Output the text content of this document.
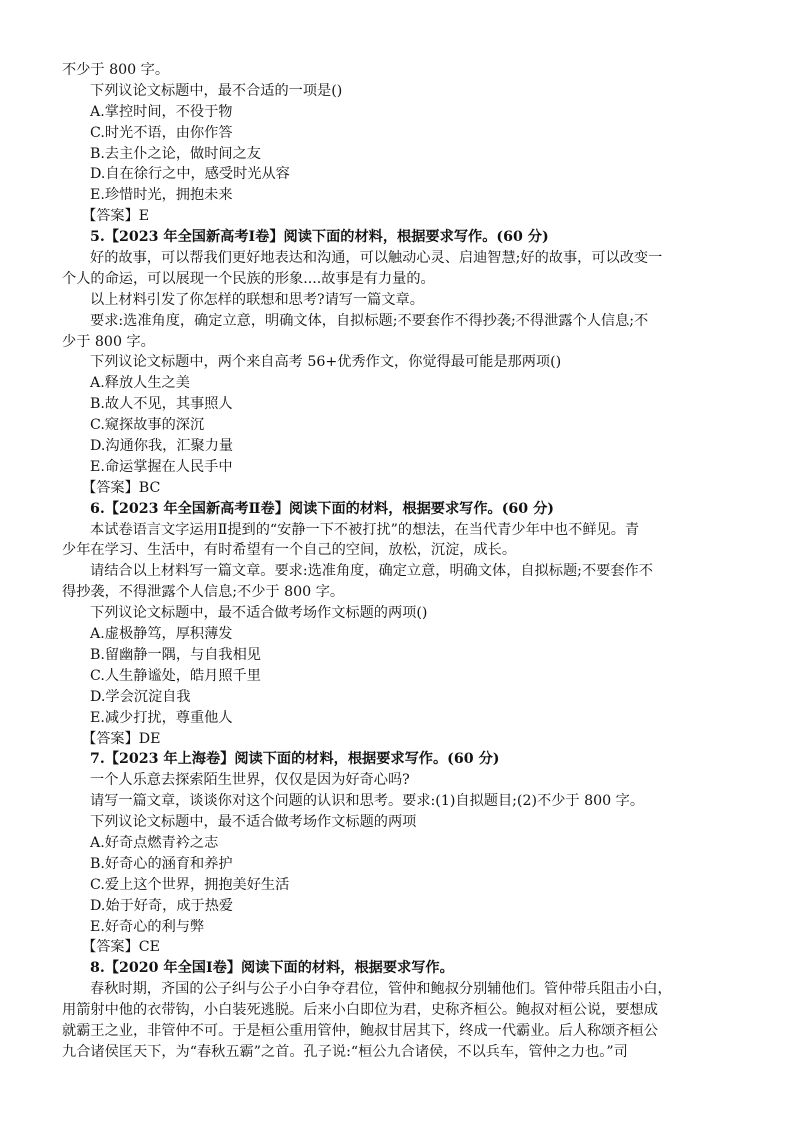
不少于 800 字。
下列议论文标题中，最不合适的一项是()
A.掌控时间，不役于物
C.时光不语，由你作答
B.去主仆之论，做时间之友
D.自在徐行之中，感受时光从容
E.珍惜时光，拥抱未来
【答案】E
5.【2023 年全国新高考Ⅰ卷】阅读下面的材料，根据要求写作。(60 分)
好的故事，可以帮我们更好地表达和沟通，可以触动心灵、启迪智慧;好的故事，可以改变一
个人的命运，可以展现一个民族的形象....故事是有力量的。
以上材料引发了你怎样的联想和思考?请写一篇文章。
要求:选准角度，确定立意，明确文体，自拟标题;不要套作不得抄袭;不得泄露个人信息;不
少于 800 字。
下列议论文标题中，两个来自高考 56+优秀作文，你觉得最可能是那两项()
A.释放人生之美
B.故人不见，其事照人
C.窥探故事的深沉
D.沟通你我，汇聚力量
E.命运掌握在人民手中
【答案】BC
6.【2023 年全国新高考Ⅱ卷】阅读下面的材料，根据要求写作。(60 分)
本试卷语言文字运用Ⅱ提到的“安静一下不被打扰”的想法，在当代青少年中也不鲜见。青
少年在学习、生活中，有时希望有一个自己的空间，放松，沉淀，成长。
请结合以上材料写一篇文章。要求:选准角度，确定立意，明确文体，自拟标题;不要套作不
得抄袭，不得泄露个人信息;不少于 800 字。
下列议论文标题中，最不适合做考场作文标题的两项()
A.虚极静笃，厚积薄发
B.留幽静一隅，与自我相见
C.人生静谧处，皓月照千里
D.学会沉淀自我
E.减少打扰，尊重他人
【答案】DE
7.【2023 年上海卷】阅读下面的材料，根据要求写作。(60 分)
一个人乐意去探索陌生世界，仅仅是因为好奇心吗?
请写一篇文章，谈谈你对这个问题的认识和思考。要求:(1)自拟题目;(2)不少于 800 字。
下列议论文标题中，最不适合做考场作文标题的两项
A.好奇点燃青衿之志
B.好奇心的涵育和养护
C.爱上这个世界，拥抱美好生活
D.始于好奇，成于热爱
E.好奇心的利与弊
【答案】CE
8.【2020 年全国Ⅰ卷】阅读下面的材料，根据要求写作。
春秋时期，齐国的公子纠与公子小白争夺君位，管仲和鲍叔分别辅他们。管仲带兵阻击小白，
用箭射中他的衣带钩，小白装死逃脱。后来小白即位为君，史称齐桓公。鲍叔对桓公说，要想成
就霸王之业，非管仲不可。于是桓公重用管仲，鲍叔甘居其下，终成一代霸业。后人称颂齐桓公
九合诸侯匡天下，为“春秋五霸”之首。孔子说:“桓公九合诸侯，不以兵车，管仲之力也。”司
